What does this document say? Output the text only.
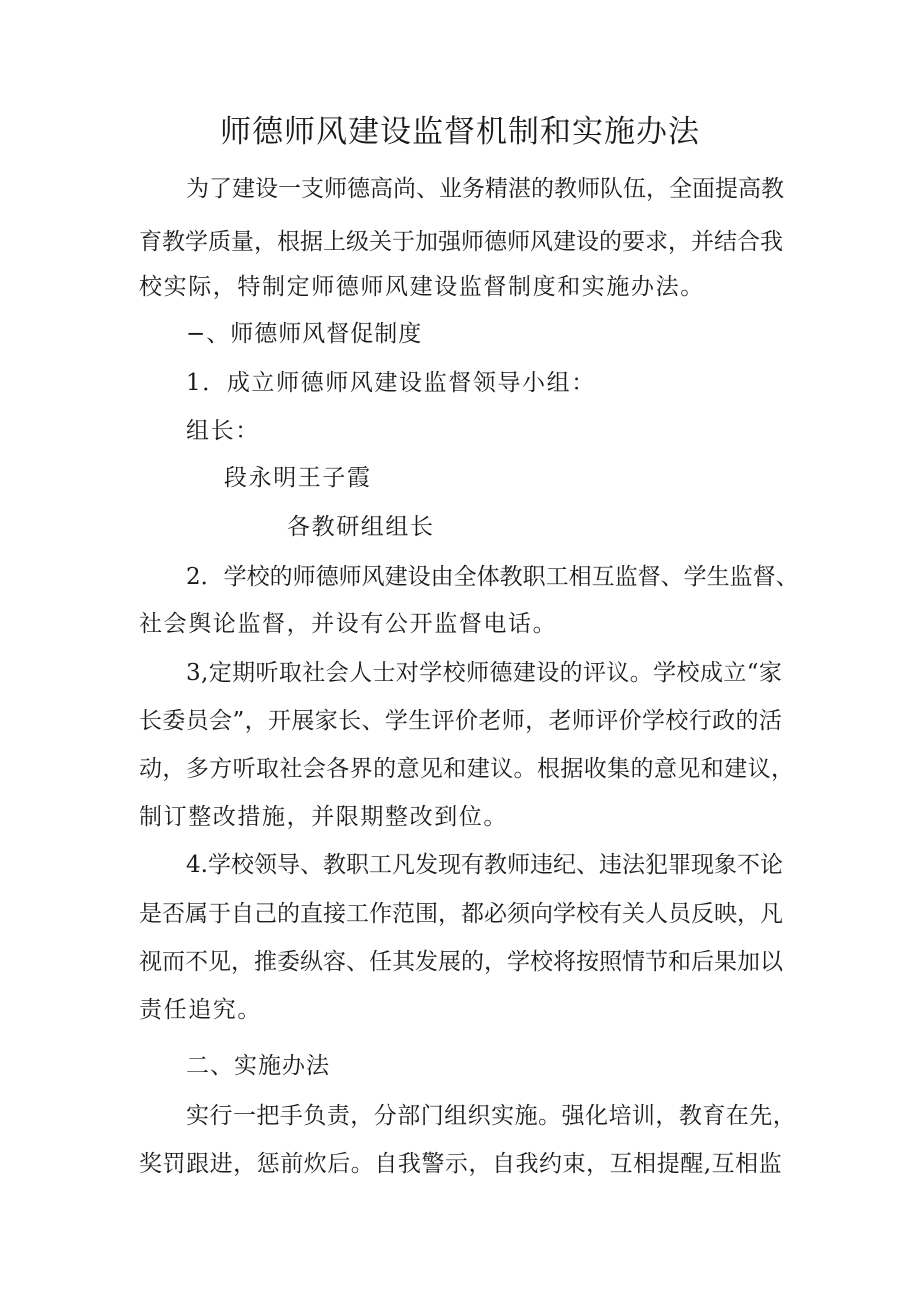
师德师风建设监督机制和实施办法
为 了 建 设 一 支 师 德 高 尚 、 业 务 精 湛 的 教 师 队 伍 ， 全 面 提 高 教
育 教 学 质 量 ， 根 据 上 级 关 于 加 强 师 德 师 风 建 设 的 要 求 ， 并 结 合 我
校实际，特制定师德师风建设监督制度和实施办法。
−、师德师风督促制度
1．成立师德师风建设监督领导小组：
组长：
段永明王子霞
各教研组组长
2 ． 学 校 的 师 德 师 风 建 设 由 全 体 教 职 工 相 互 监 督 、 学 生 监 督 、
社会舆论监督，并设有公开监督电话。
3 , 定 期 听 取 社 会 人 士 对 学 校 师 德 建 设 的 评 议 。 学 校 成 立 “ 家
长 委 员 会 ” ， 开 展 家 长 、 学 生 评 价 老 师 ， 老 师 评 价 学 校 行 政 的 活
动 ， 多 方 听 取 社 会 各 界 的 意 见 和 建 议 。 根 据 收 集 的 意 见 和 建 议 ，
制订整改措施，并限期整改到位。
4 . 学 校 领 导 、 教 职 工 凡 发 现 有 教 师 违 纪 、 违 法 犯 罪 现 象 不 论
是 否 属 于 自 己 的 直 接 工 作 范 围 ， 都 必 须 向 学 校 有 关 人 员 反 映 ， 凡
视 而 不 见 ， 推 委 纵 容 、 任 其 发 展 的 ， 学 校 将 按 照 情 节 和 后 果 加 以
责任追究。
二、实施办法
实 行 一 把 手 负 责 ， 分 部 门 组 织 实 施 。 强 化 培 训 ， 教 育 在 先 ，
奖 罚 跟 进 ， 惩 前 炊 后 。 自 我 警 示 ， 自 我 约 束 ， 互 相 提 醒 , 互 相 监
